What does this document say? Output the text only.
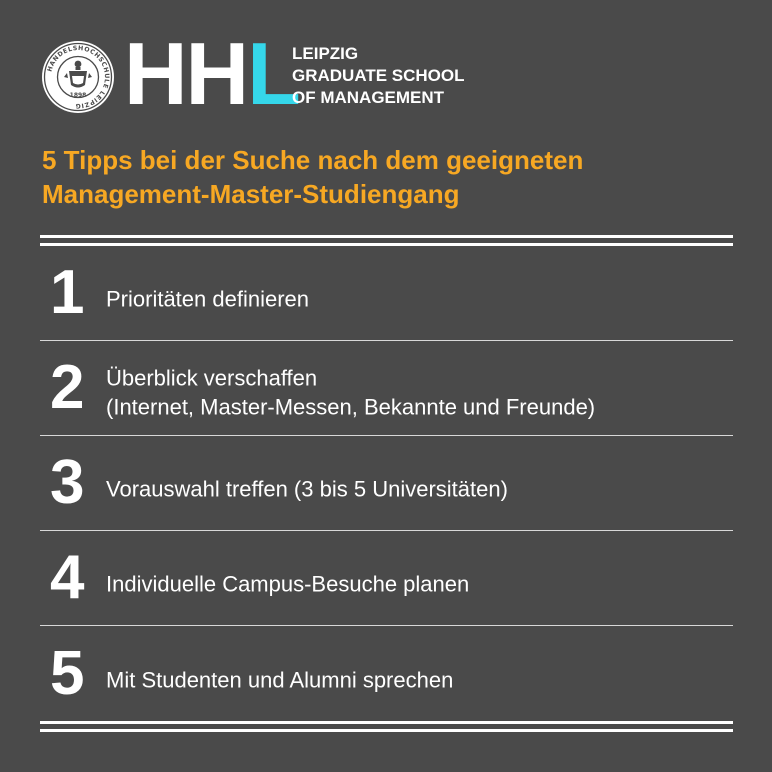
HANDELSHOCHSCHULE LEIPZIG
1898 HHL
LEIPZIG
GRADUATE SCHOOL
OF MANAGEMENT
5 Tipps bei der Suche nach dem geeigneten
Management-Master-Studiengang
1 Prioritäten definieren
2 Überblick verschaffen
(Internet, Master-Messen, Bekannte und Freunde)
3 Vorauswahl treffen (3 bis 5 Universitäten)
4 Individuelle Campus-Besuche planen
5 Mit Studenten und Alumni sprechen
